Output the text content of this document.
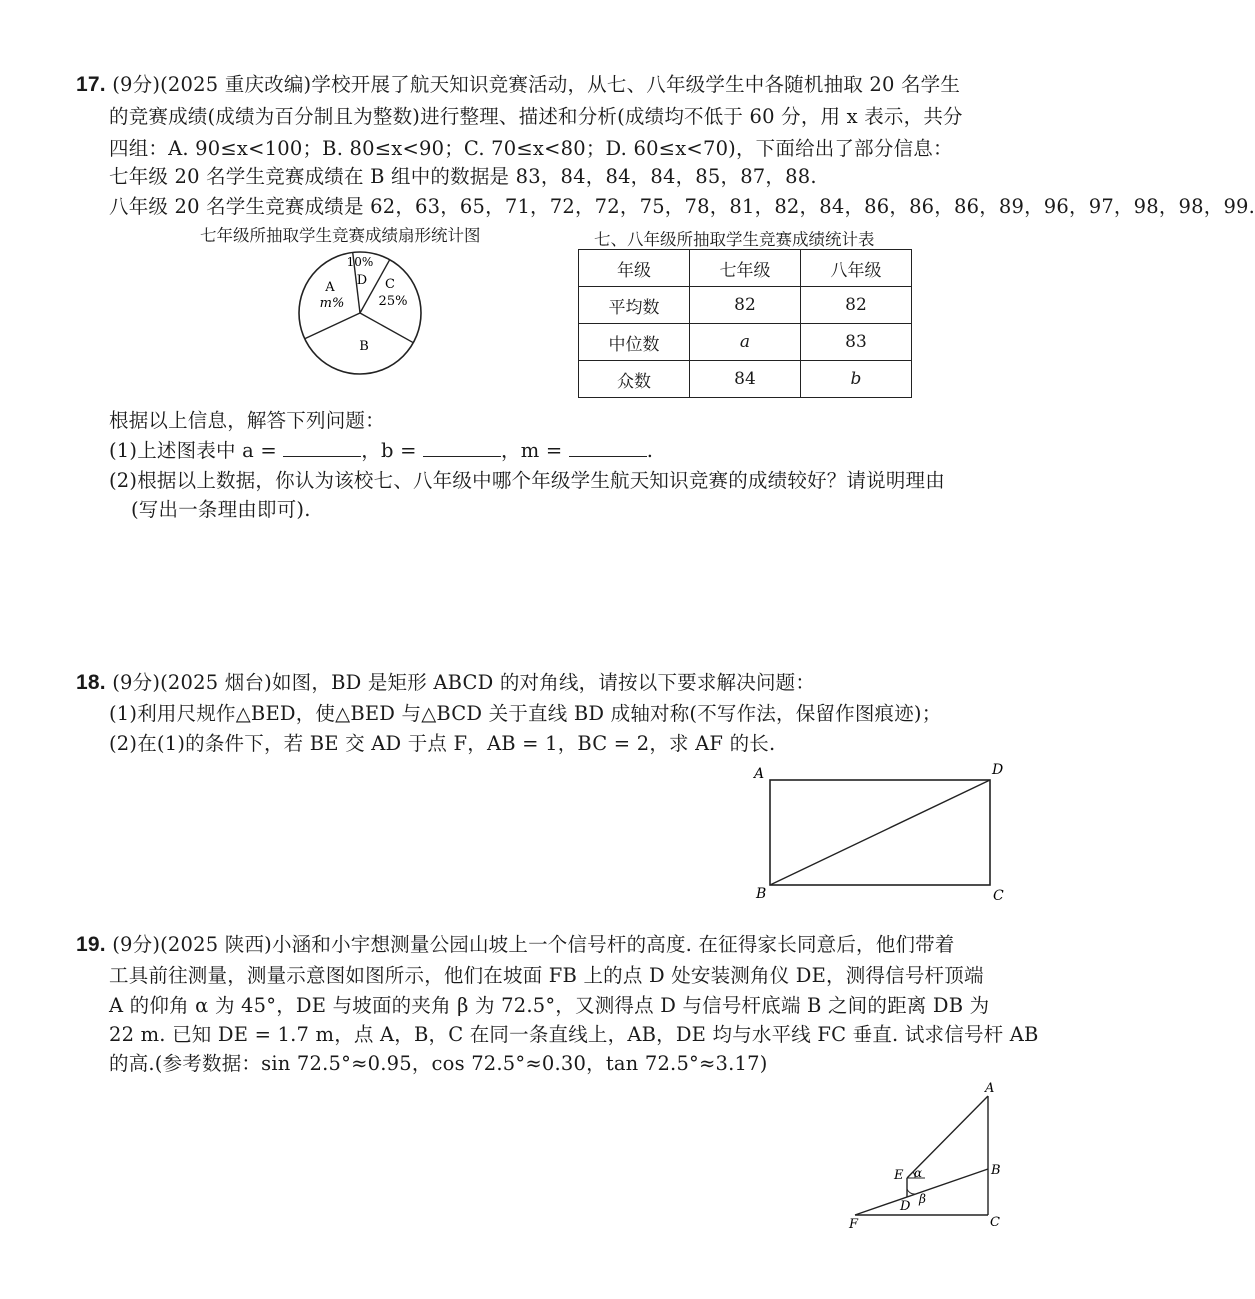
17. (9分)(2025 重庆改编)学校开展了航天知识竞赛活动，从七、八年级学生中各随机抽取 20 名学生
的竞赛成绩(成绩为百分制且为整数)进行整理、描述和分析(成绩均不低于 60 分，用 x 表示，共分
四组：A. 90≤x<100；B. 80≤x<90；C. 70≤x<80；D. 60≤x<70)，下面给出了部分信息：
七年级 20 名学生竞赛成绩在 B 组中的数据是 83，84，84，84，85，87，88.
八年级 20 名学生竞赛成绩是 62，63，65，71，72，72，75，78，81，82，84，86，86，86，89，96，97，98，98，99.
七年级所抽取学生竞赛成绩扇形统计图	七、八年级所抽取学生竞赛成绩统计表
A
m%
B
C
25%
10%
D	年级	七年级	八年级
平均数	82	82
中位数	a	83
众数	84	b
根据以上信息，解答下列问题：
(1)上述图表中 a =	，b =	，m =	.
(2)根据以上数据，你认为该校七、八年级中哪个年级学生航天知识竞赛的成绩较好？请说明理由
(写出一条理由即可).
18. (9分)(2025 烟台)如图，BD 是矩形 ABCD 的对角线，请按以下要求解决问题：
(1)利用尺规作△BED，使△BED 与△BCD 关于直线 BD 成轴对称(不写作法，保留作图痕迹)；
(2)在(1)的条件下，若 BE 交 AD 于点 F，AB = 1，BC = 2，求 AF 的长.
A	D
B	C
19. (9分)(2025 陕西)小涵和小宇想测量公园山坡上一个信号杆的高度. 在征得家长同意后，他们带着
工具前往测量，测量示意图如图所示，他们在坡面 FB 上的点 D 处安装测角仪 DE，测得信号杆顶端
A 的仰角 α 为 45°，DE 与坡面的夹角 β 为 72.5°，又测得点 D 与信号杆底端 B 之间的距离 DB 为
22 m. 已知 DE = 1.7 m，点 A，B，C 在同一条直线上，AB，DE 均与水平线 FC 垂直. 试求信号杆 AB
的高.(参考数据：sin 72.5°≈0.95，cos 72.5°≈0.30，tan 72.5°≈3.17)
A
B
C
D
E
F
α
β
